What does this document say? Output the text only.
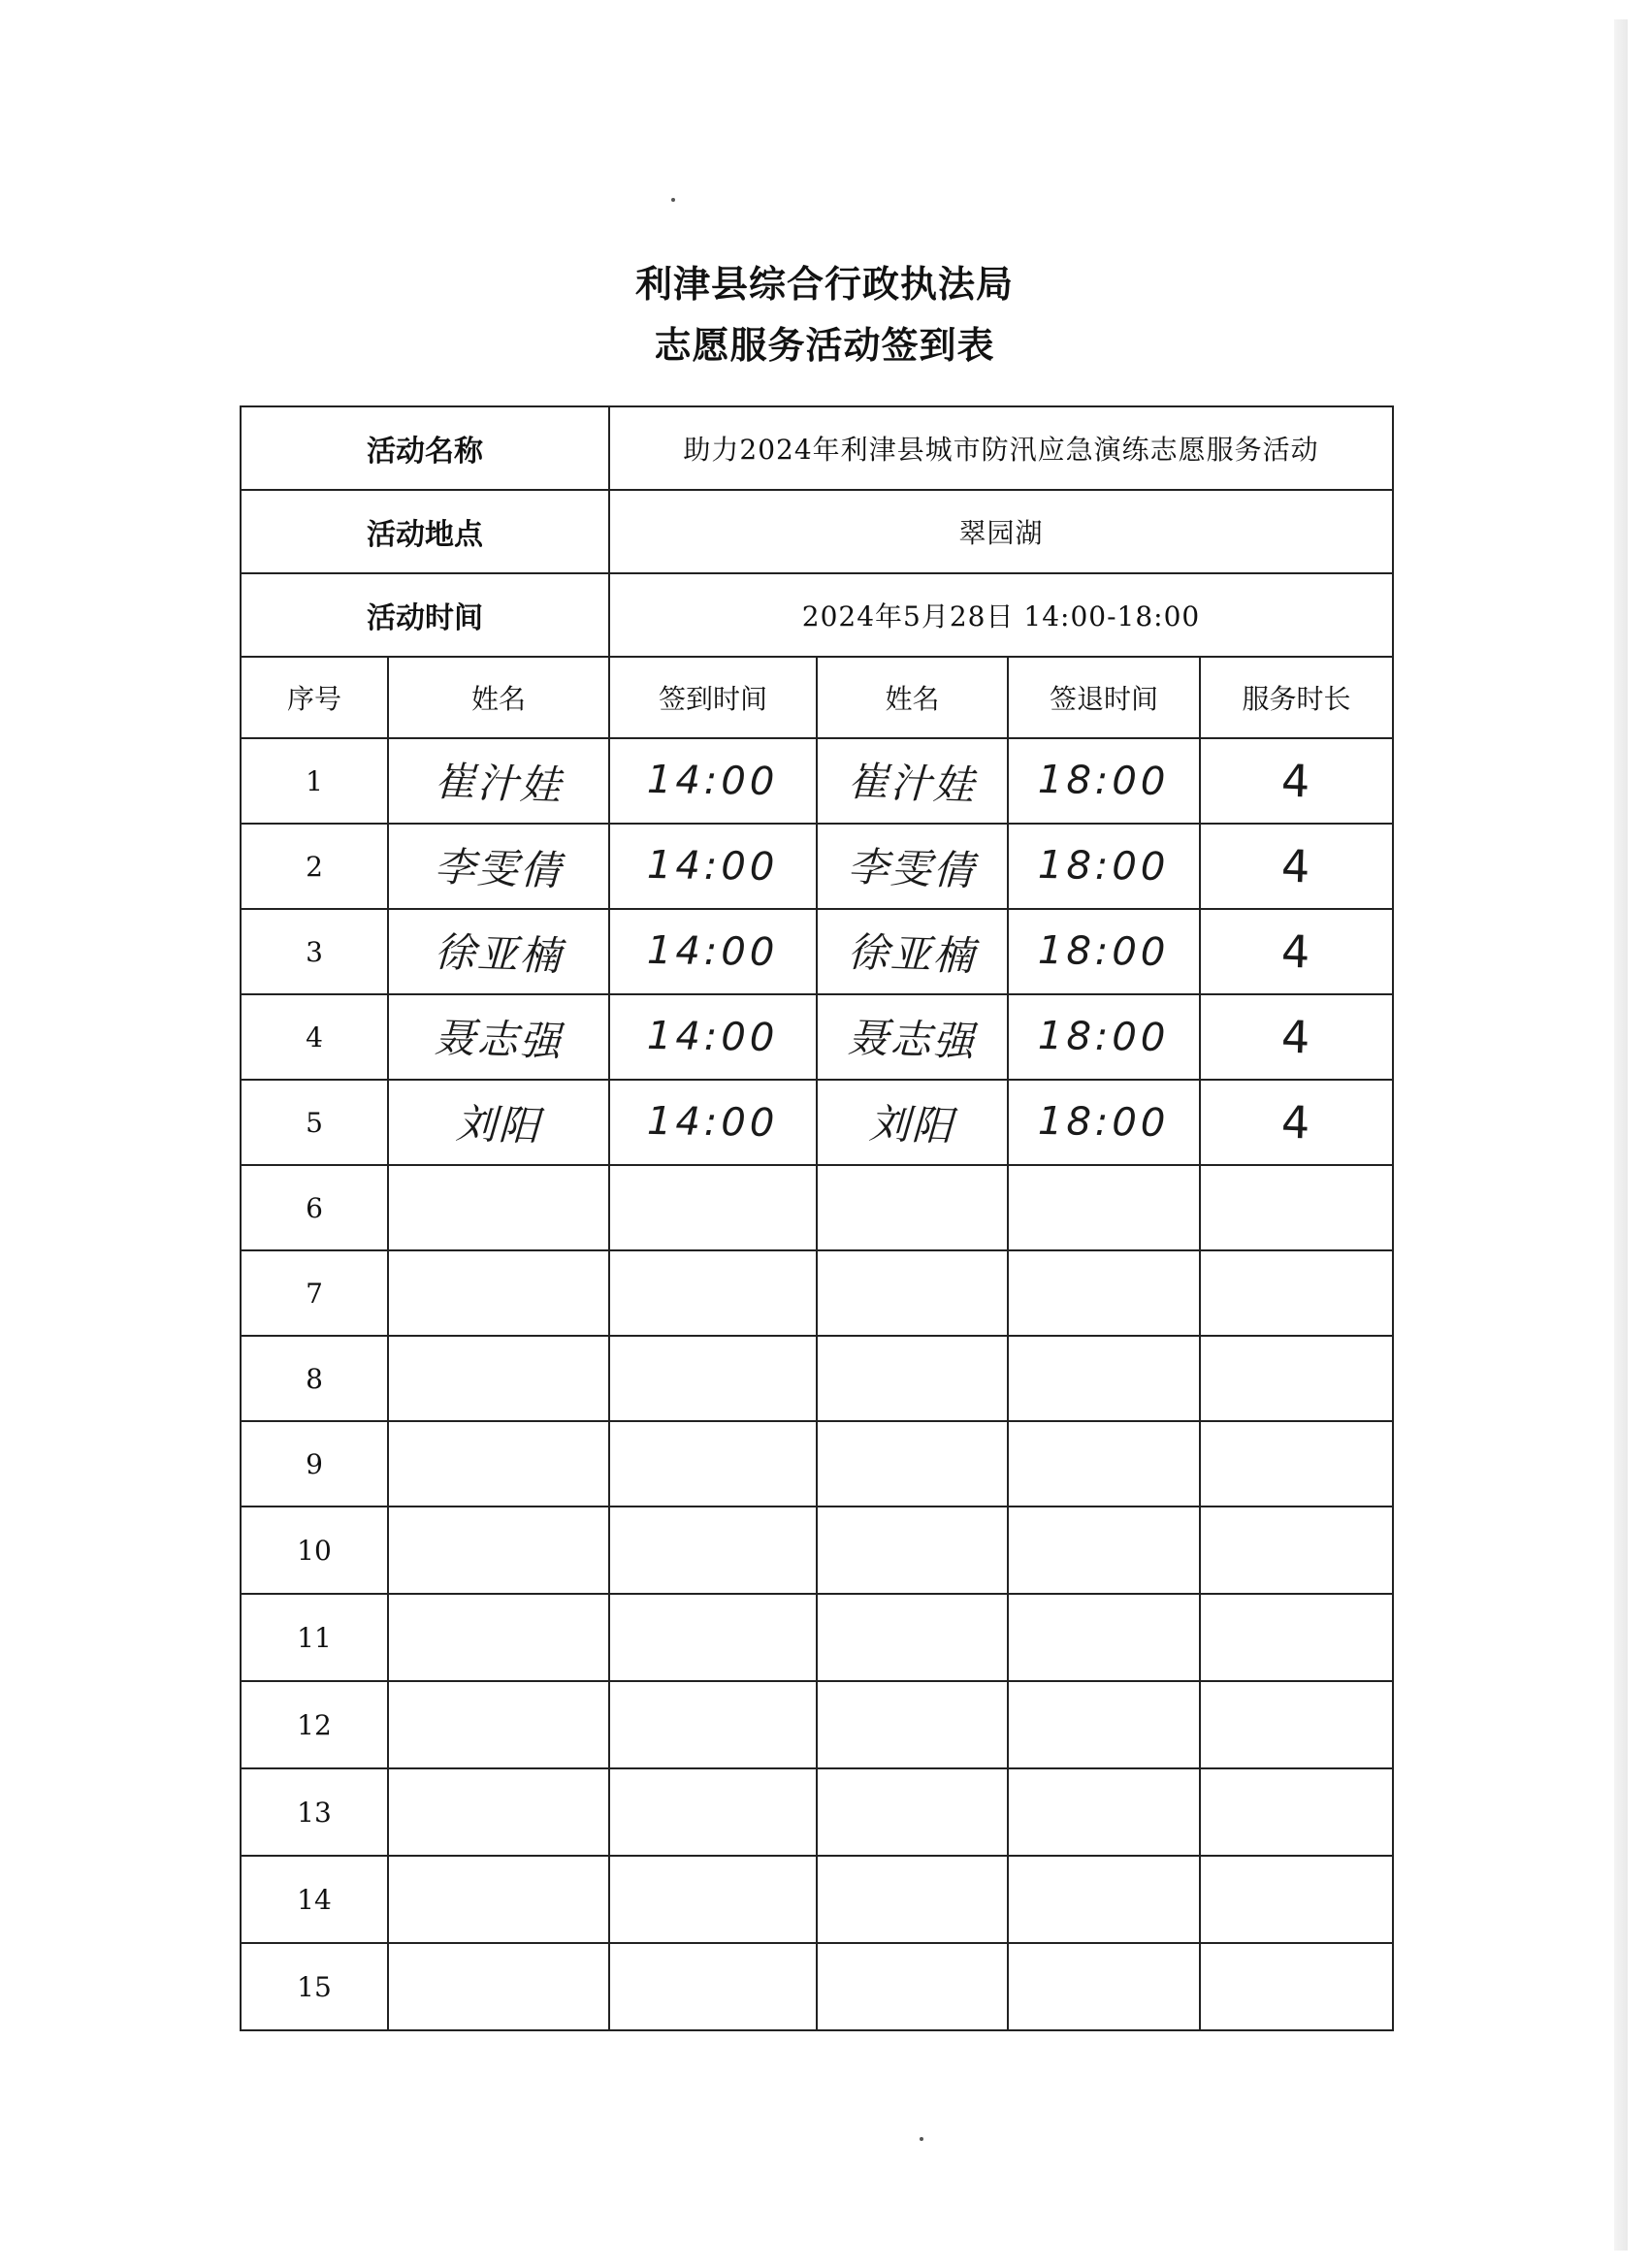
利津县综合行政执法局
志愿服务活动签到表
活动名称		助力2024年利津县城市防汛应急演练志愿服务活动			
活动地点		翠园湖			
活动时间		2024年5月28日 14:00-18:00			
序号	姓名	签到时间	姓名	签退时间	服务时长
1	崔汁娃	14:00	崔汁娃	18:00	4
2	李雯倩	14:00	李雯倩	18:00	4
3	徐亚楠	14:00	徐亚楠	18:00	4
4	聂志强	14:00	聂志强	18:00	4
5	刘阳	14:00	刘阳	18:00	4
6					
7					
8					
9					
10					
11					
12					
13					
14					
15					
